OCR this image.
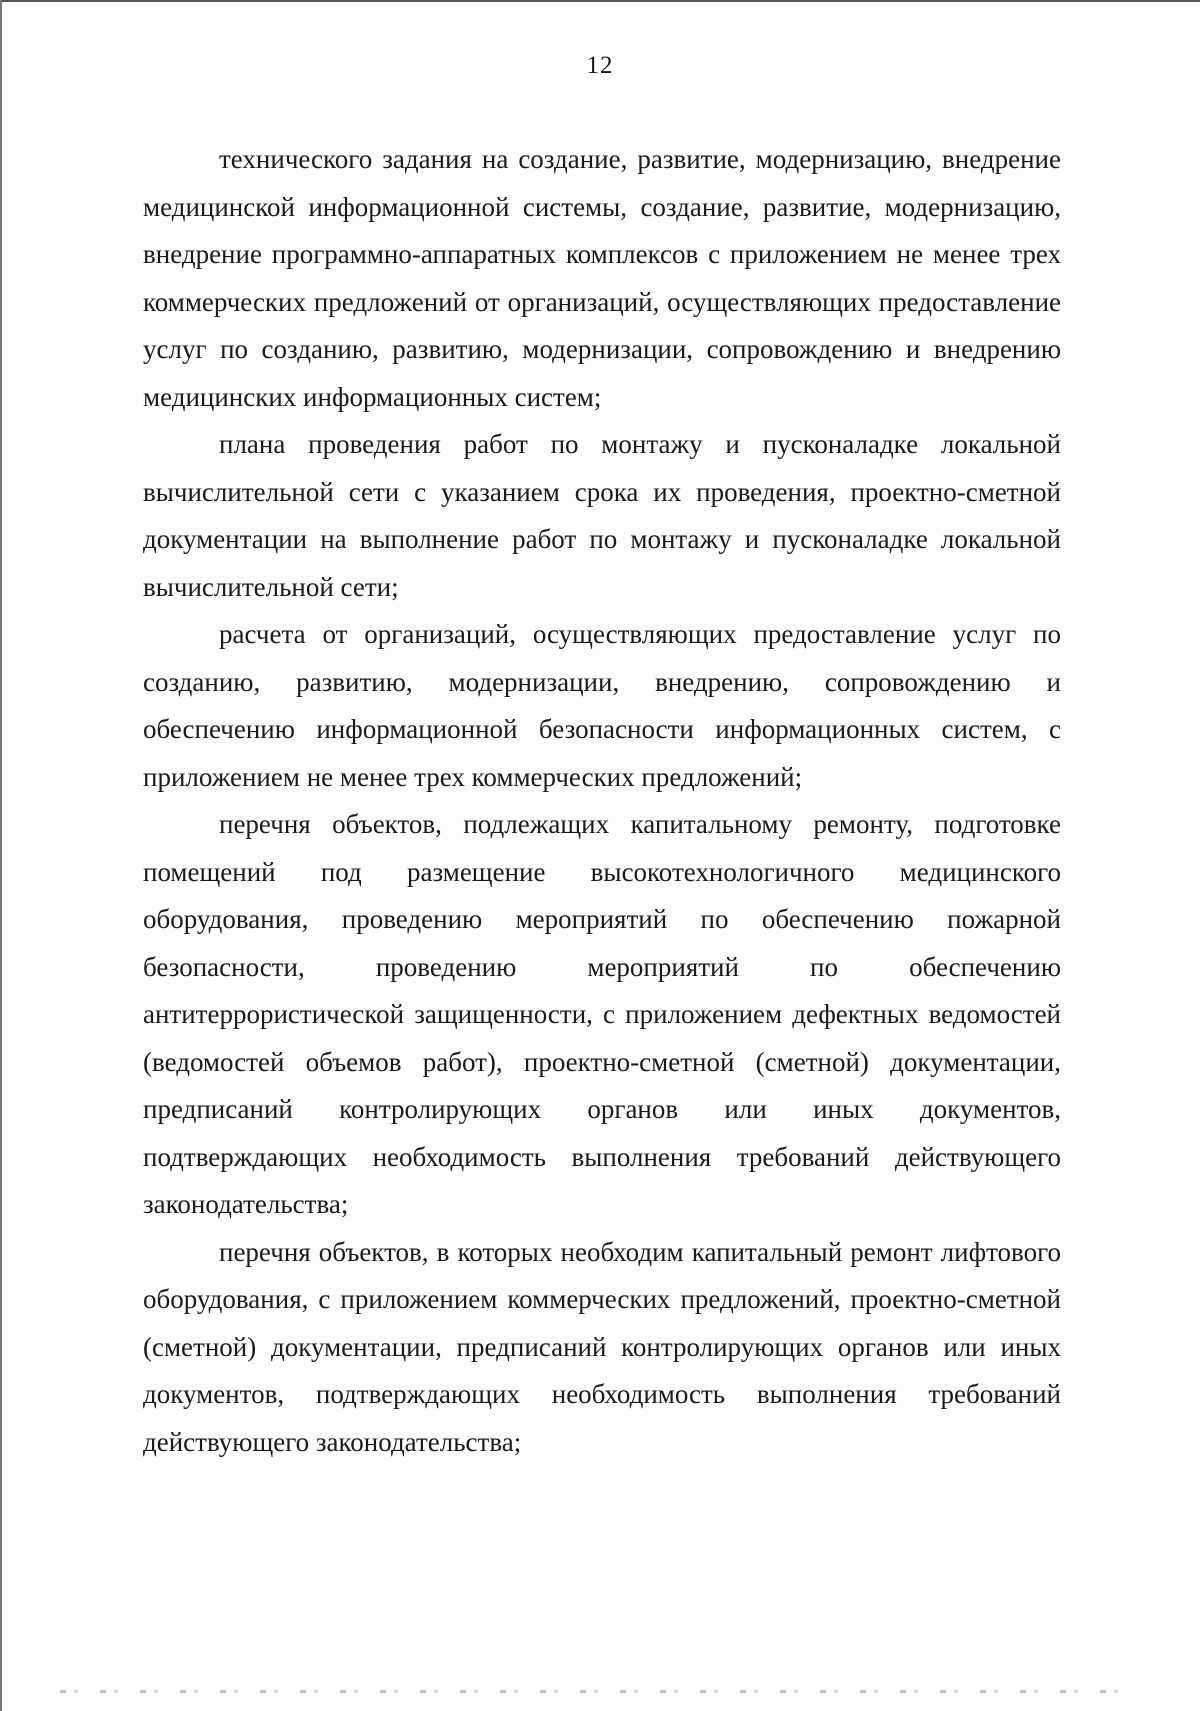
12

технического задания на создание, развитие, модернизацию, внедрение медицинской информационной системы, создание, развитие, модернизацию, внедрение программно-аппаратных комплексов с приложением не менее трех коммерческих предложений от организаций, осуществляющих предоставление услуг по созданию, развитию, модернизации, сопровождению и внедрению медицинских информационных систем;

плана проведения работ по монтажу и пусконаладке локальной вычислительной сети с указанием срока их проведения, проектно-сметной документации на выполнение работ по монтажу и пусконаладке локальной вычислительной сети;

расчета от организаций, осуществляющих предоставление услуг по созданию, развитию, модернизации, внедрению, сопровождению и обеспечению информационной безопасности информационных систем, с приложением не менее трех коммерческих предложений;

перечня объектов, подлежащих капитальному ремонту, подготовке помещений под размещение высокотехнологичного медицинского оборудования, проведению мероприятий по обеспечению пожарной безопасности, проведению мероприятий по обеспечению антитеррористической защищенности, с приложением дефектных ведомостей (ведомостей объемов работ), проектно-сметной (сметной) документации, предписаний контролирующих органов или иных документов, подтверждающих необходимость выполнения требований действующего законодательства;

перечня объектов, в которых необходим капитальный ремонт лифтового оборудования, с приложением коммерческих предложений, проектно-сметной (сметной) документации, предписаний контролирующих органов или иных документов, подтверждающих необходимость выполнения требований действующего законодательства;
